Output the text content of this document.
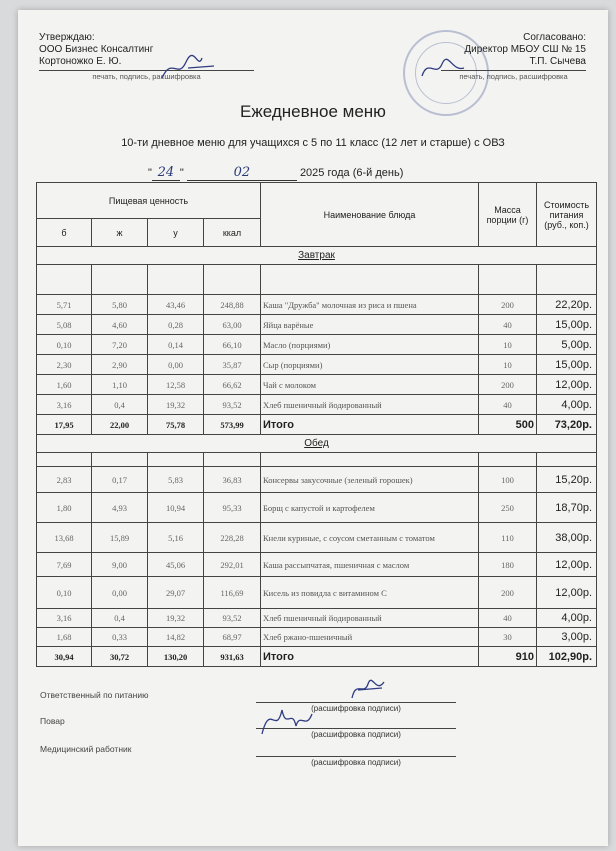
Утверждаю:
ООО Бизнес Консалтинг
Кортоножко Е. Ю.
печать, подпись, расшифровка
Согласовано:
Директор МБОУ СШ № 15
Т.П. Сычева
печать, подпись, расшифровка
Ежедневное меню
10-ти дневное меню для учащихся с 5 по 11 класс (12 лет и старше) с ОВЗ
" 24 "	02	2025 года (6-й день)
Пищевая ценность				Наименование блюда	Масса порции (г)	Стоимость питания (руб., коп.)
б	ж	у	ккал			
Завтрак						

5,71	5,80	43,46	248,88	Каша "Дружба" молочная из риса и пшена	200	22,20р.
5,08	4,60	0,28	63,00	Яйца варёные	40	15,00р.
0,10	7,20	0,14	66,10	Масло (порциями)	10	5,00р.
2,30	2,90	0,00	35,87	Сыр (порциями)	10	15,00р.
1,60	1,10	12,58	66,62	Чай с молоком	200	12,00р.
3,16	0,4	19,32	93,52	Хлеб пшеничный йодированный	40	4,00р.
17,95	22,00	75,78	573,99	Итого	500	73,20р.
Обед						

2,83	0,17	5,83	36,83	Консервы закусочные (зеленый горошек)	100	15,20р.
1,80	4,93	10,94	95,33	Борщ с капустой и картофелем	250	18,70р.
13,68	15,89	5,16	228,28	Кнели куриные, с соусом сметанным с томатом	110	38,00р.
7,69	9,00	45,06	292,01	Каша рассыпчатая, пшеничная с маслом	180	12,00р.
0,10	0,00	29,07	116,69	Кисель из повидла с витамином С	200	12,00р.
3,16	0,4	19,32	93,52	Хлеб пшеничный йодированный	40	4,00р.
1,68	0,33	14,82	68,97	Хлеб ржано-пшеничный	30	3,00р.
30,94	30,72	130,20	931,63	Итого	910	102,90р.
Ответственный по питанию
(расшифровка подписи)
Повар
(расшифровка подписи)
Медицинский работник
(расшифровка подписи)
